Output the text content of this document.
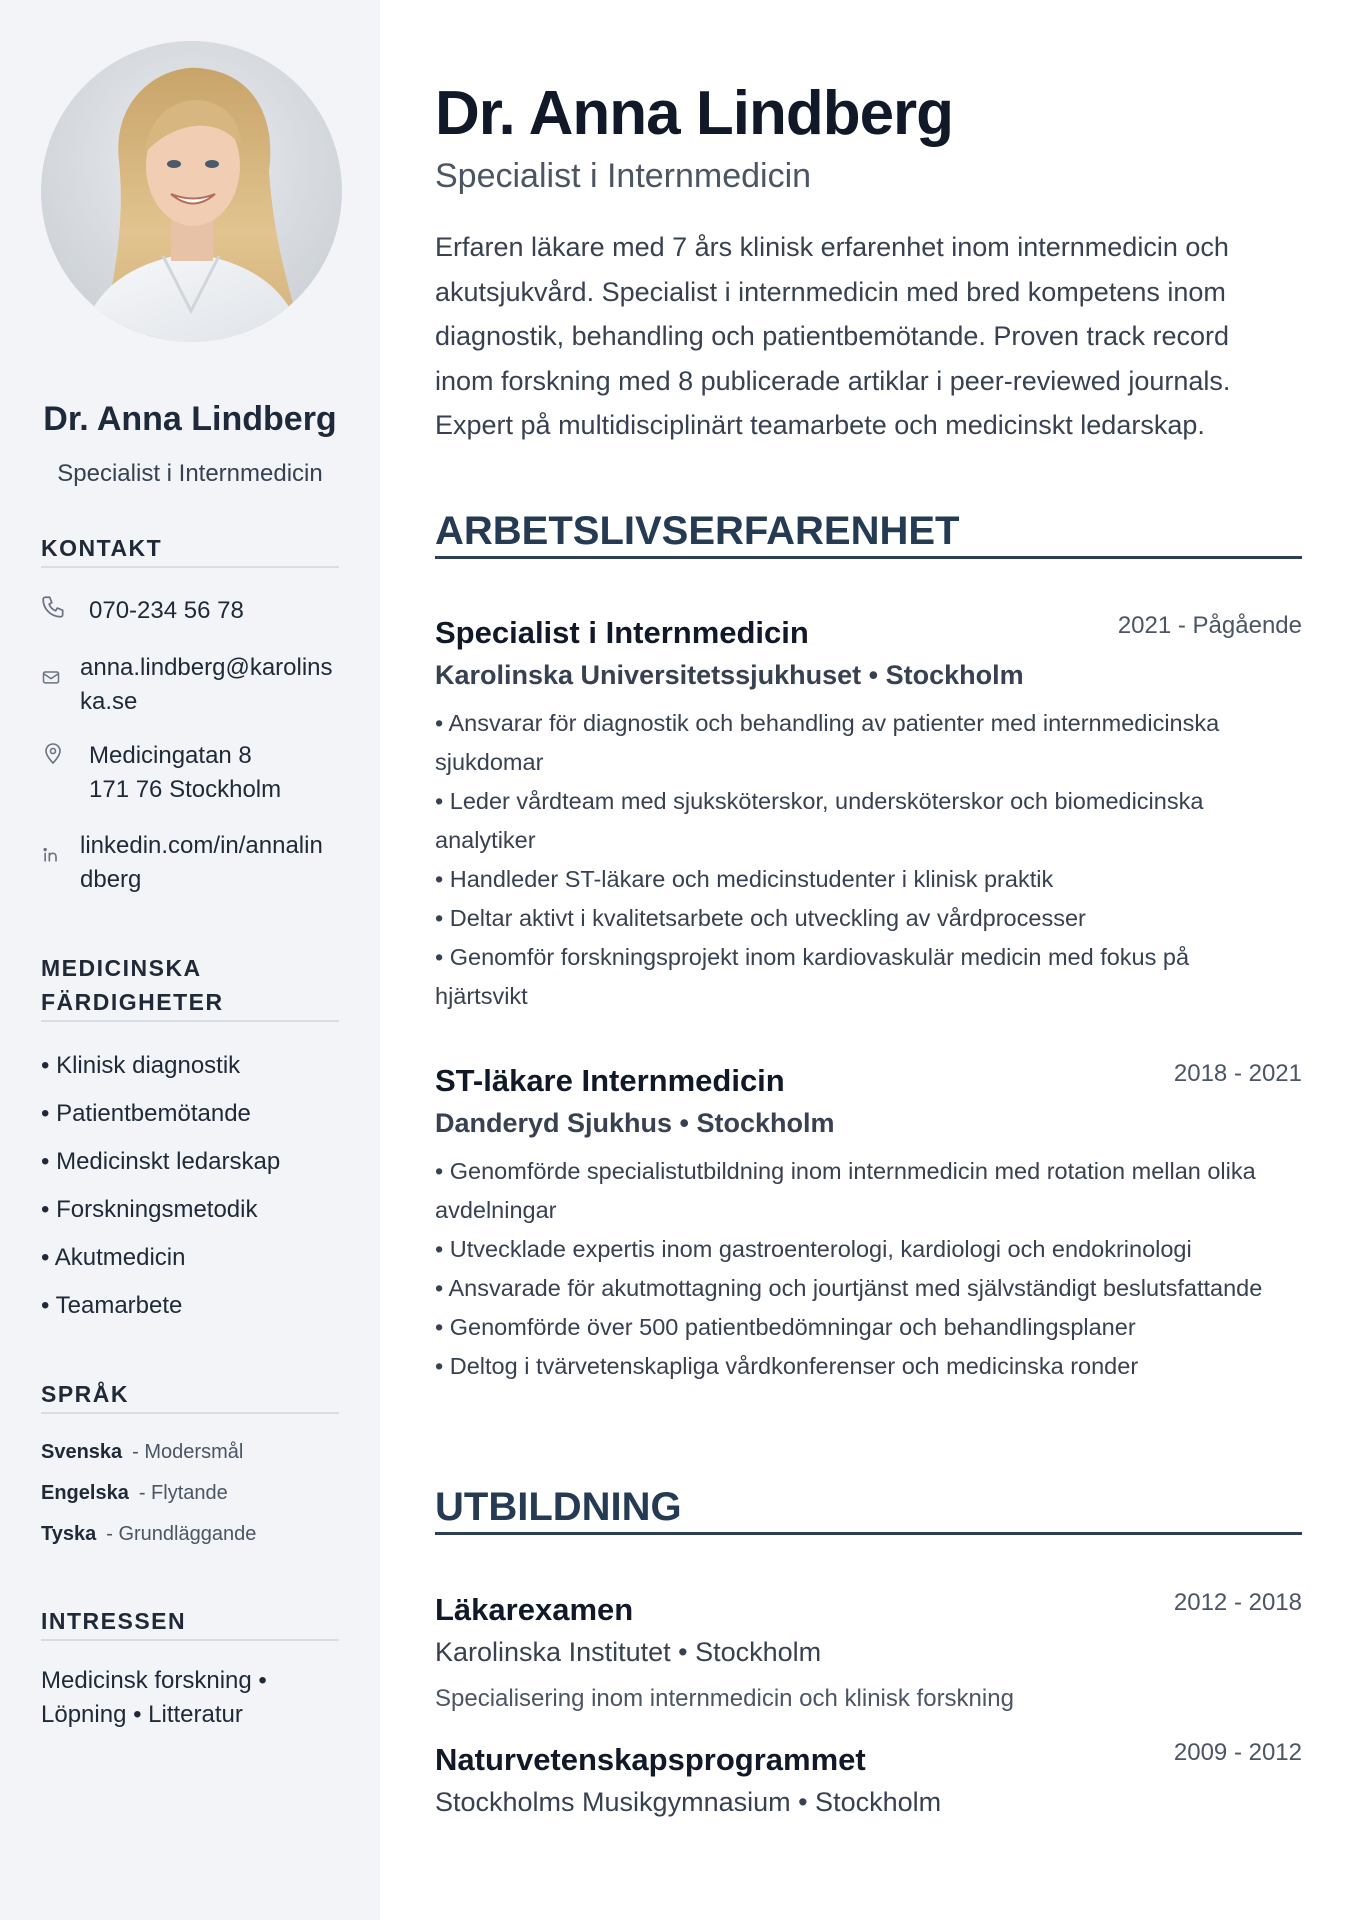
Dr. Anna Lindberg
Specialist i Internmedicin
KONTAKT
070-234 56 78
anna.lindberg@karolins
ka.se
Medicingatan 8
171 76 Stockholm
linkedin.com/in/annalin
dberg
MEDICINSKA
FÄRDIGHETER
• Klinisk diagnostik
• Patientbemötande
• Medicinskt ledarskap
• Forskningsmetodik
• Akutmedicin
• Teamarbete
SPRÅK
Svenska - Modersmål
Engelska - Flytande
Tyska - Grundläggande
INTRESSEN
Medicinsk forskning •
Löpning • Litteratur
Dr. Anna Lindberg
Specialist i Internmedicin

Erfaren läkare med 7 års klinisk erfarenhet inom internmedicin och akutsjukvård. Specialist i internmedicin med bred kompetens inom diagnostik, behandling och patientbemötande. Proven track record inom forskning med 8 publicerade artiklar i peer-reviewed journals. Expert på multidisciplinärt teamarbete och medicinskt ledarskap.

ARBETSLIVSERFARENHET
Specialist i Internmedicin	2021 - Pågående
Karolinska Universitetssjukhuset • Stockholm
• Ansvarar för diagnostik och behandling av patienter med internmedicinska sjukdomar
• Leder vårdteam med sjuksköterskor, undersköterskor och biomedicinska analytiker
• Handleder ST-läkare och medicinstudenter i klinisk praktik
• Deltar aktivt i kvalitetsarbete och utveckling av vårdprocesser
• Genomför forskningsprojekt inom kardiovaskulär medicin med fokus på hjärtsvikt
ST-läkare Internmedicin	2018 - 2021
Danderyd Sjukhus • Stockholm
• Genomförde specialistutbildning inom internmedicin med rotation mellan olika avdelningar
• Utvecklade expertis inom gastroenterologi, kardiologi och endokrinologi
• Ansvarade för akutmottagning och jourtjänst med självständigt beslutsfattande
• Genomförde över 500 patientbedömningar och behandlingsplaner
• Deltog i tvärvetenskapliga vårdkonferenser och medicinska ronder
UTBILDNING
Läkarexamen	2012 - 2018
Karolinska Institutet • Stockholm
Specialisering inom internmedicin och klinisk forskning
Naturvetenskapsprogrammet	2009 - 2012
Stockholms Musikgymnasium • Stockholm
